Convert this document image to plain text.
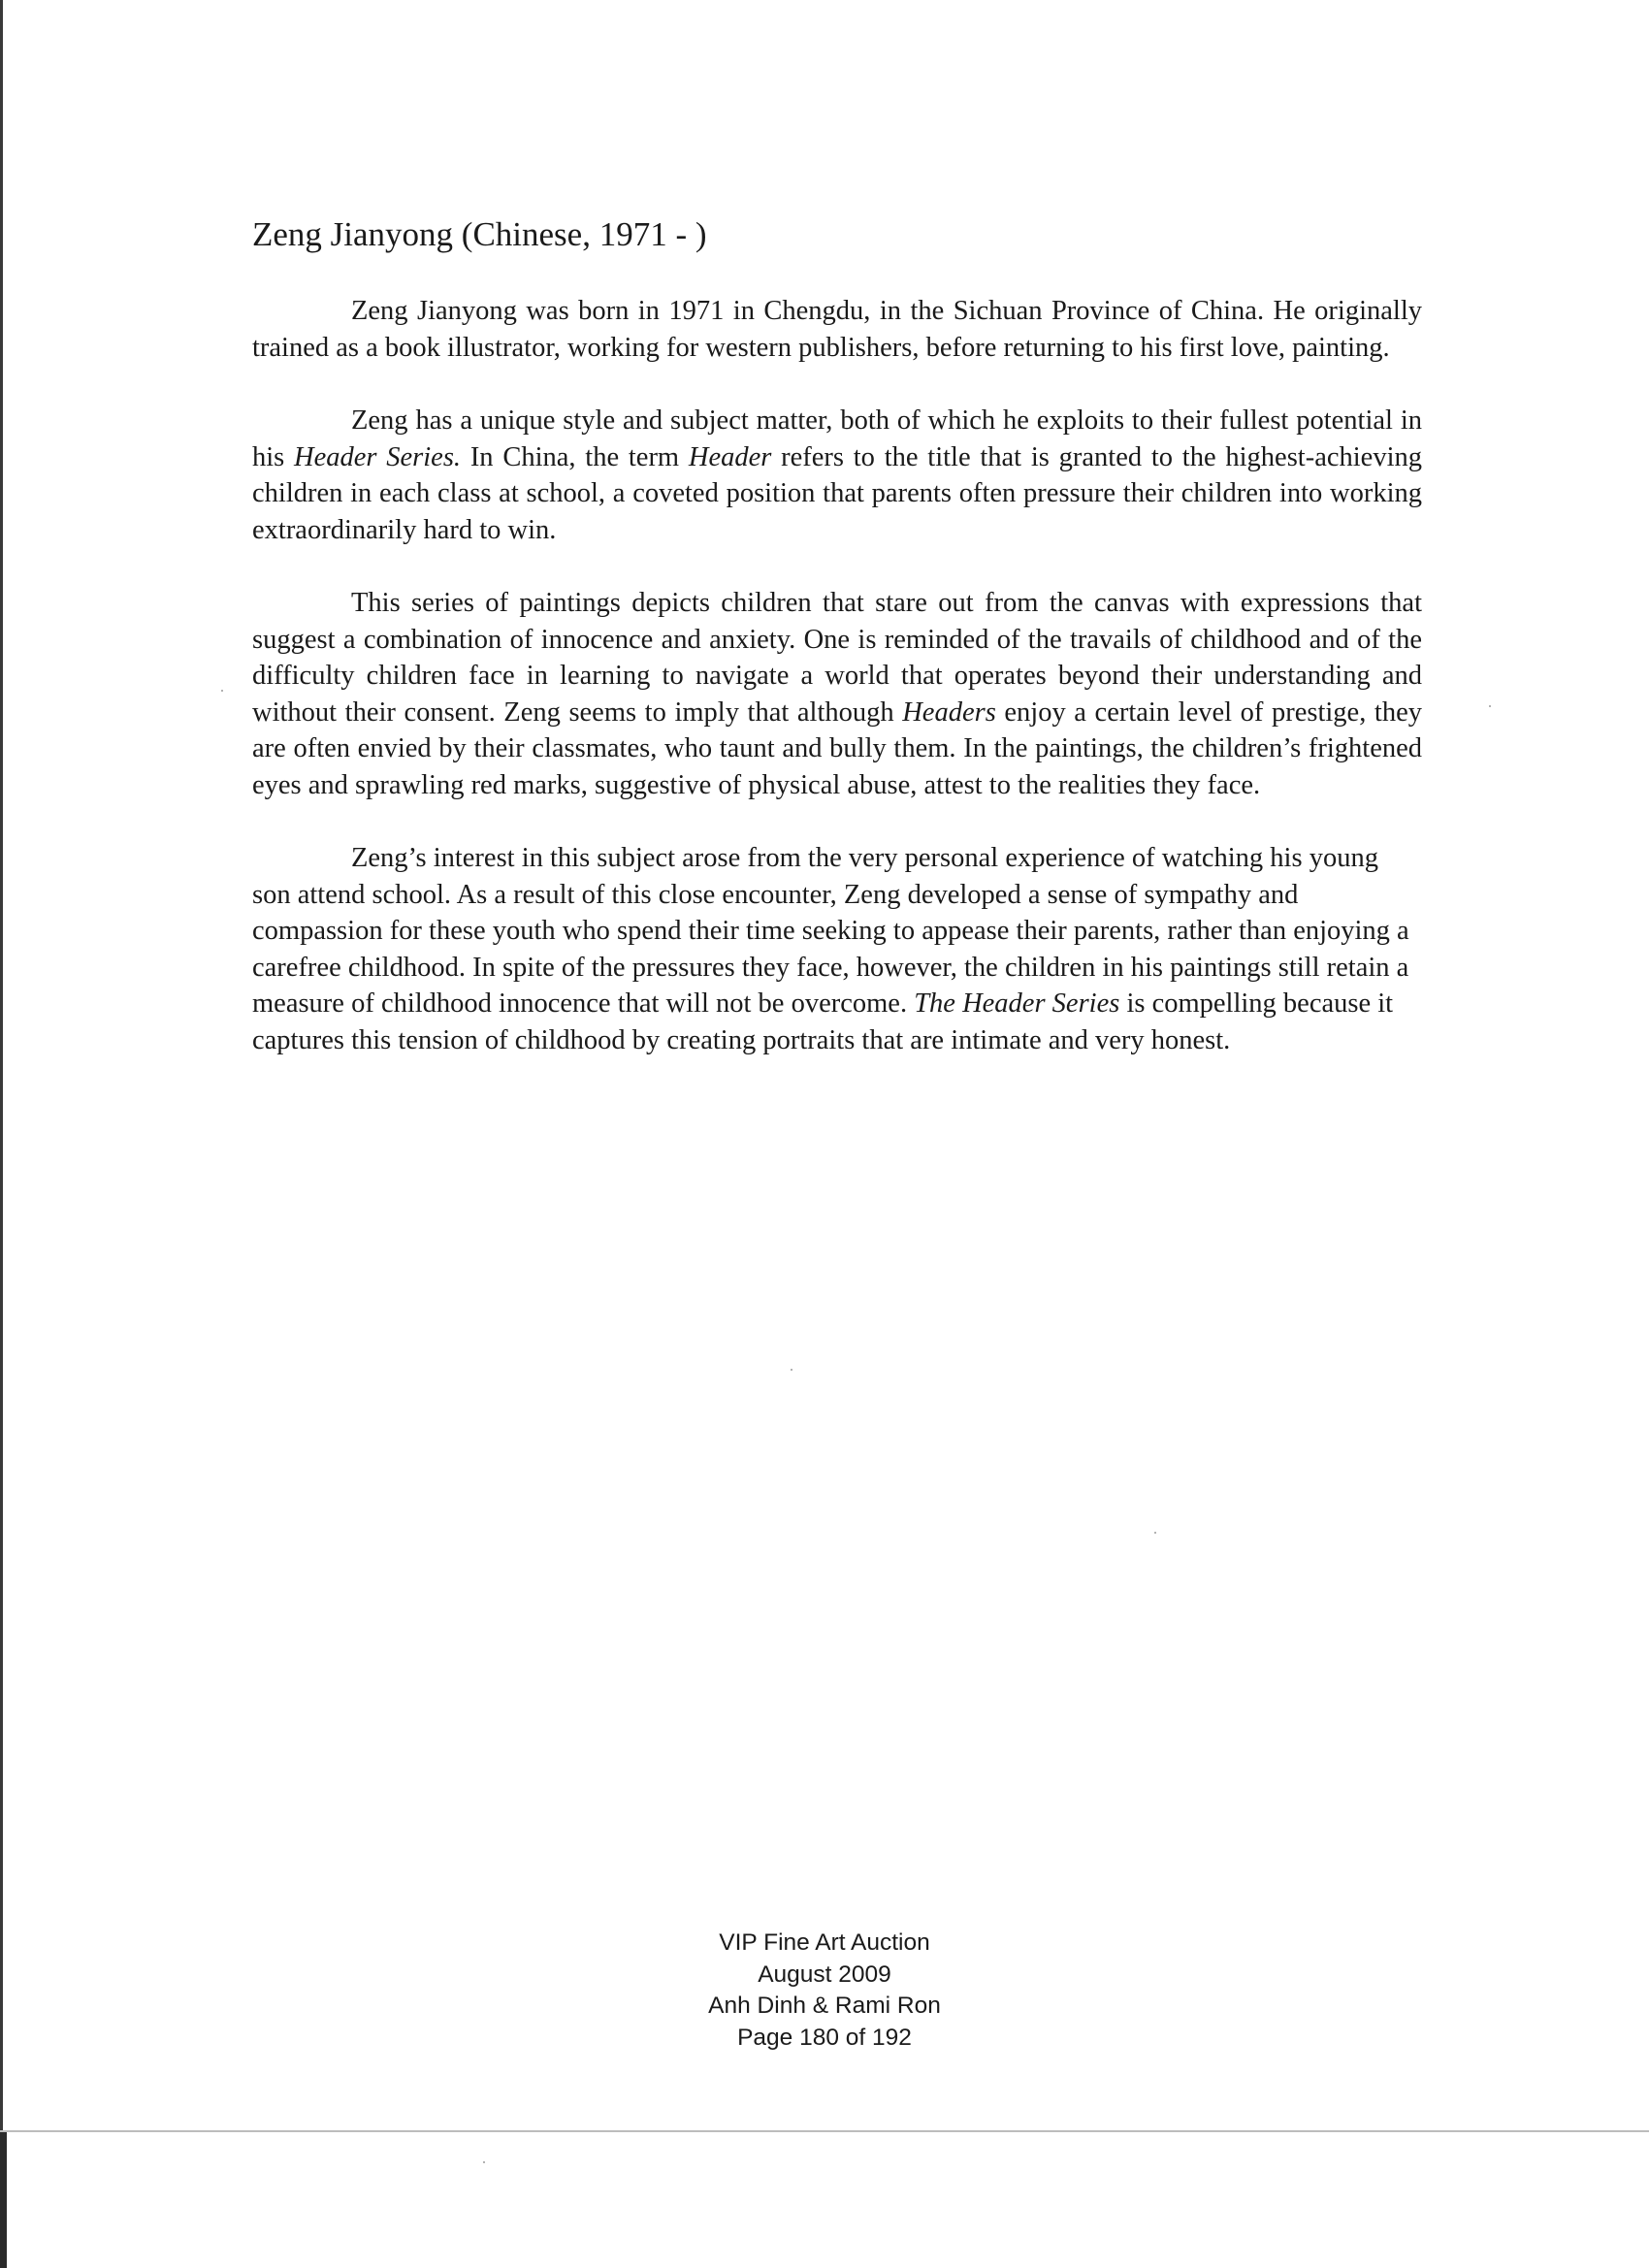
Zeng Jianyong (Chinese, 1971 - )

Zeng Jianyong was born in 1971 in Chengdu, in the Sichuan Province of China. He originally trained as a book illustrator, working for western publishers, before returning to his first love, painting.

Zeng has a unique style and subject matter, both of which he exploits to their fullest potential in his Header Series. In China, the term Header refers to the title that is granted to the highest-achieving children in each class at school, a coveted position that parents often pressure their children into working extraordinarily hard to win.

This series of paintings depicts children that stare out from the canvas with expressions that suggest a combination of innocence and anxiety. One is reminded of the travails of childhood and of the difficulty children face in learning to navigate a world that operates beyond their understanding and without their consent. Zeng seems to imply that although Headers enjoy a certain level of prestige, they are often envied by their classmates, who taunt and bully them. In the paintings, the children’s frightened eyes and sprawling red marks, suggestive of physical abuse, attest to the realities they face.

Zeng’s interest in this subject arose from the very personal experience of watching his young son attend school. As a result of this close encounter, Zeng developed a sense of sympathy and compassion for these youth who spend their time seeking to appease their parents, rather than enjoying a carefree childhood. In spite of the pressures they face, however, the children in his paintings still retain a measure of childhood innocence that will not be overcome. The Header Series is compelling because it captures this tension of childhood by creating portraits that are intimate and very honest.

VIP Fine Art Auction
August 2009
Anh Dinh & Rami Ron
Page 180 of 192
